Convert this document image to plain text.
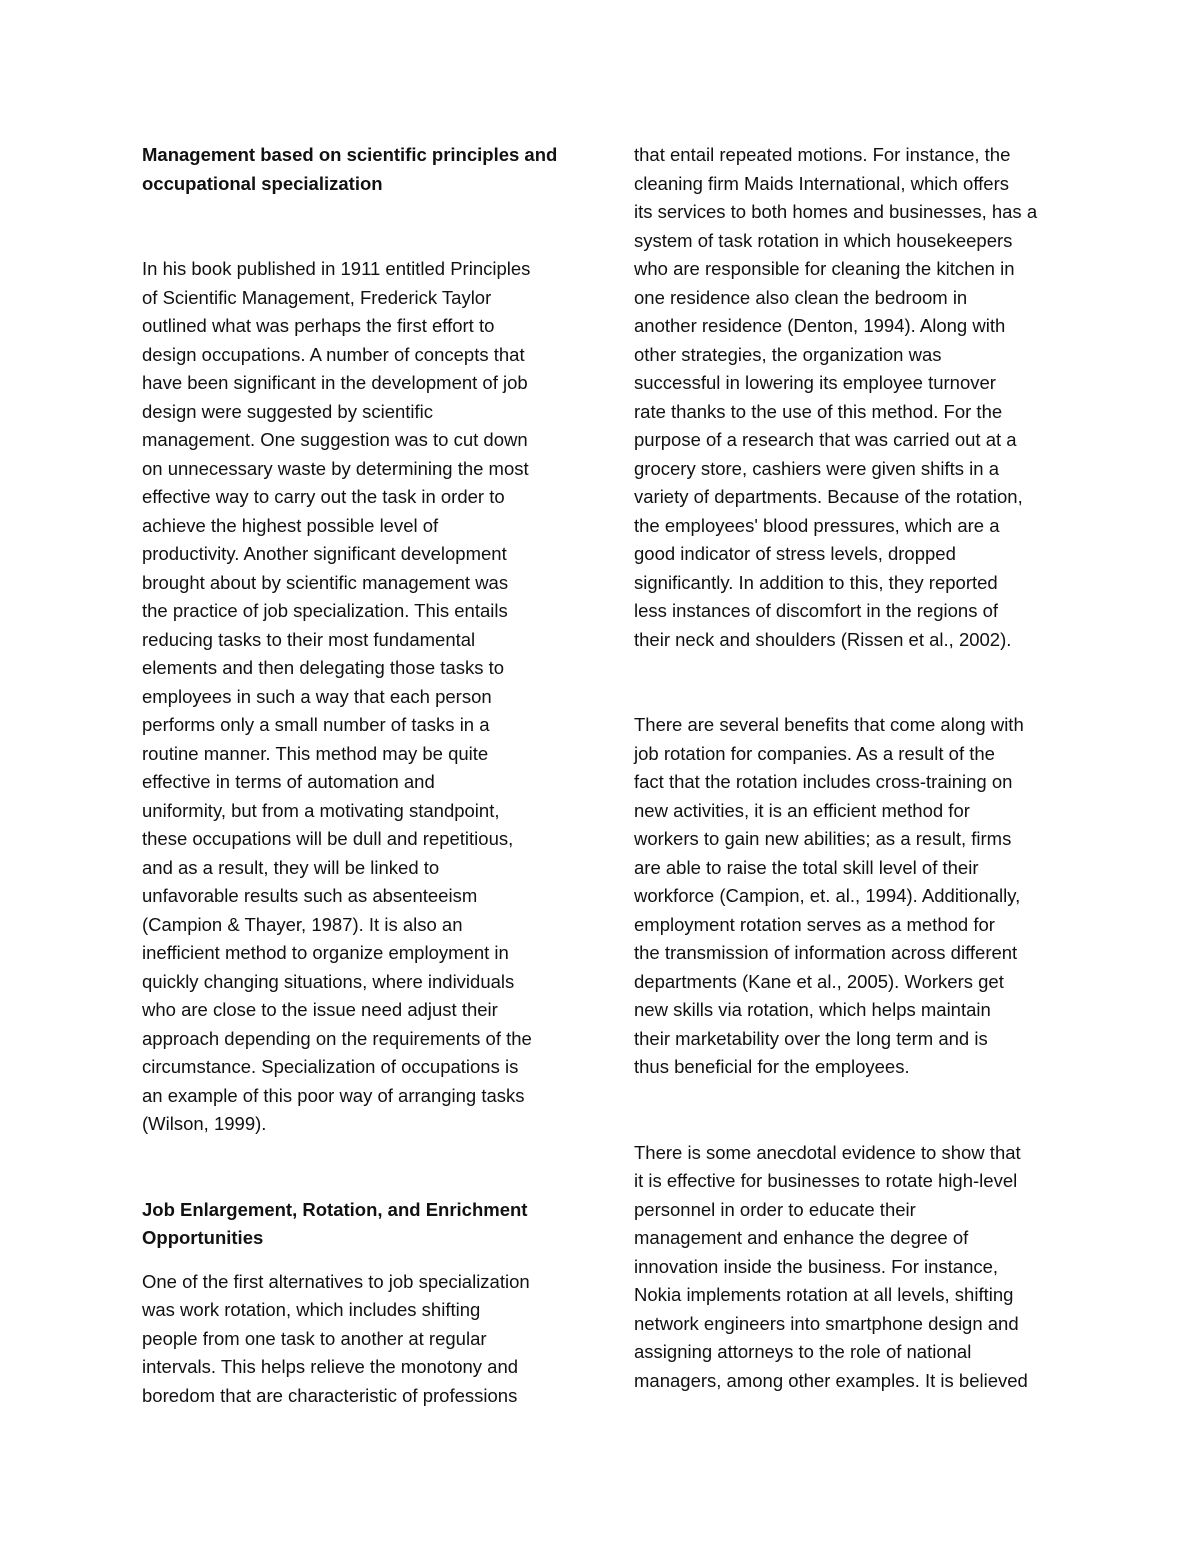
Management based on scientific principles and
occupational specialization
In his book published in 1911 entitled Principles
of Scientific Management, Frederick Taylor
outlined what was perhaps the first effort to
design occupations. A number of concepts that
have been significant in the development of job
design were suggested by scientific
management. One suggestion was to cut down
on unnecessary waste by determining the most
effective way to carry out the task in order to
achieve the highest possible level of
productivity. Another significant development
brought about by scientific management was
the practice of job specialization. This entails
reducing tasks to their most fundamental
elements and then delegating those tasks to
employees in such a way that each person
performs only a small number of tasks in a
routine manner. This method may be quite
effective in terms of automation and
uniformity, but from a motivating standpoint,
these occupations will be dull and repetitious,
and as a result, they will be linked to
unfavorable results such as absenteeism
(Campion & Thayer, 1987). It is also an
inefficient method to organize employment in
quickly changing situations, where individuals
who are close to the issue need adjust their
approach depending on the requirements of the
circumstance. Specialization of occupations is
an example of this poor way of arranging tasks
(Wilson, 1999).
Job Enlargement, Rotation, and Enrichment
Opportunities
One of the first alternatives to job specialization
was work rotation, which includes shifting
people from one task to another at regular
intervals. This helps relieve the monotony and
boredom that are characteristic of professions
that entail repeated motions. For instance, the
cleaning firm Maids International, which offers
its services to both homes and businesses, has a
system of task rotation in which housekeepers
who are responsible for cleaning the kitchen in
one residence also clean the bedroom in
another residence (Denton, 1994). Along with
other strategies, the organization was
successful in lowering its employee turnover
rate thanks to the use of this method. For the
purpose of a research that was carried out at a
grocery store, cashiers were given shifts in a
variety of departments. Because of the rotation,
the employees' blood pressures, which are a
good indicator of stress levels, dropped
significantly. In addition to this, they reported
less instances of discomfort in the regions of
their neck and shoulders (Rissen et al., 2002).
There are several benefits that come along with
job rotation for companies. As a result of the
fact that the rotation includes cross-training on
new activities, it is an efficient method for
workers to gain new abilities; as a result, firms
are able to raise the total skill level of their
workforce (Campion, et. al., 1994). Additionally,
employment rotation serves as a method for
the transmission of information across different
departments (Kane et al., 2005). Workers get
new skills via rotation, which helps maintain
their marketability over the long term and is
thus beneficial for the employees.
There is some anecdotal evidence to show that
it is effective for businesses to rotate high-level
personnel in order to educate their
management and enhance the degree of
innovation inside the business. For instance,
Nokia implements rotation at all levels, shifting
network engineers into smartphone design and
assigning attorneys to the role of national
managers, among other examples. It is believed
